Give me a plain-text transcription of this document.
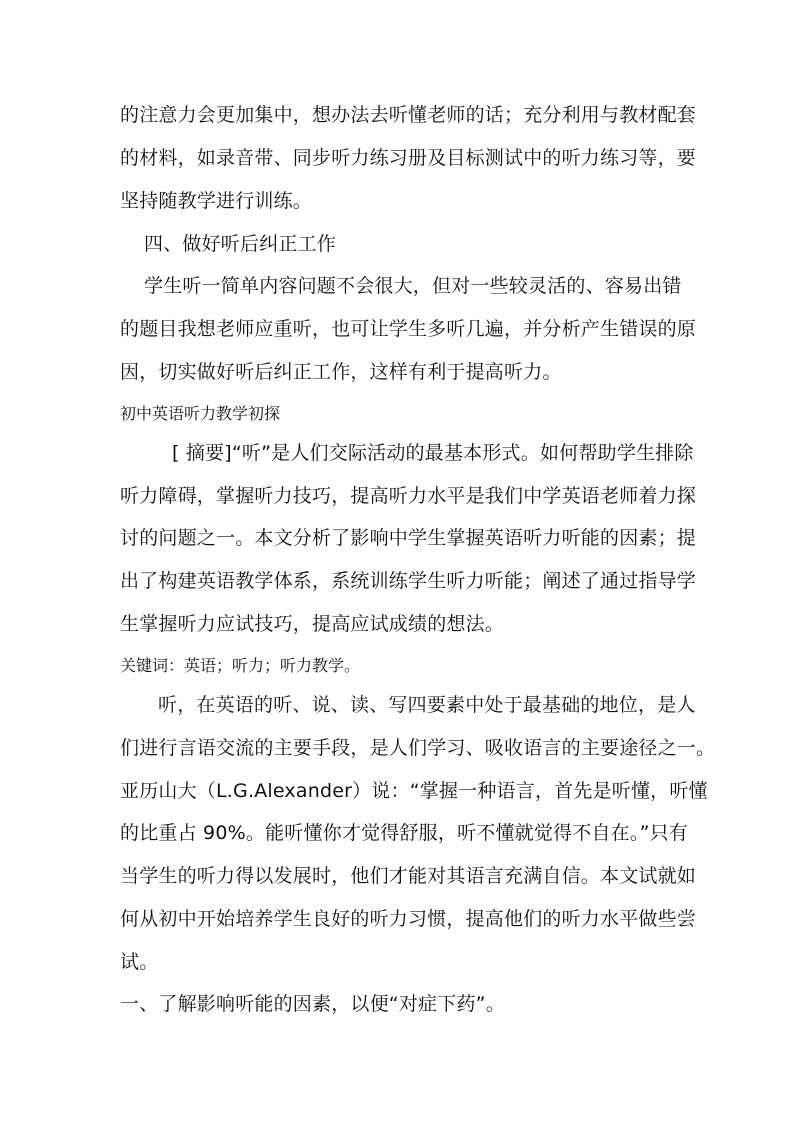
的注意力会更加集中，想办法去听懂老师的话；充分利用与教材配套
的材料，如录音带、同步听力练习册及目标测试中的听力练习等，要
坚持随教学进行训练。
四、做好听后纠正工作
学生听一简单内容问题不会很大，但对一些较灵活的、容易出错
的题目我想老师应重听，也可让学生多听几遍，并分析产生错误的原
因，切实做好听后纠正工作，这样有利于提高听力。
初中英语听力教学初探
[ 摘要]“听”是人们交际活动的最基本形式。如何帮助学生排除
听力障碍，掌握听力技巧，提高听力水平是我们中学英语老师着力探
讨的问题之一。本文分析了影响中学生掌握英语听力听能的因素；提
出了构建英语教学体系，系统训练学生听力听能；阐述了通过指导学
生掌握听力应试技巧，提高应试成绩的想法。
关键词：英语；听力；听力教学。
听，在英语的听、说、读、写四要素中处于最基础的地位，是人
们进行言语交流的主要手段，是人们学习、吸收语言的主要途径之一。
亚历山大（L.G.Alexander）说：“掌握一种语言，首先是听懂，听懂
的比重占 90%。能听懂你才觉得舒服，听不懂就觉得不自在。”只有
当学生的听力得以发展时，他们才能对其语言充满自信。本文试就如
何从初中开始培养学生良好的听力习惯，提高他们的听力水平做些尝
试。
一、了解影响听能的因素，以便“对症下药”。
